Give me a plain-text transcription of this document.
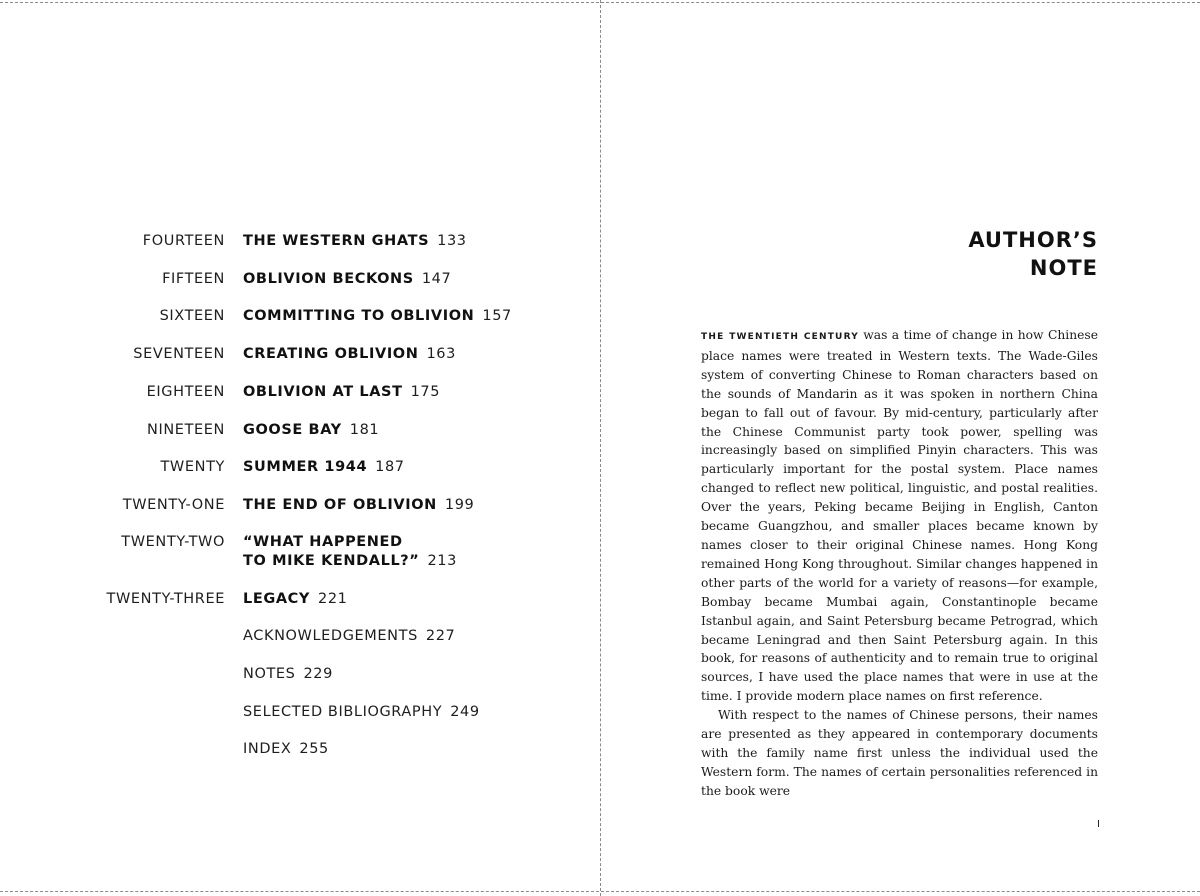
FOURTEEN THE WESTERN GHATS 133
FIFTEEN OBLIVION BECKONS 147
SIXTEEN COMMITTING TO OBLIVION 157
SEVENTEEN CREATING OBLIVION 163
EIGHTEEN OBLIVION AT LAST 175
NINETEEN GOOSE BAY 181
TWENTY SUMMER 1944 187
TWENTY-ONE THE END OF OBLIVION 199
TWENTY-TWO “WHAT HAPPENED
TO MIKE KENDALL?” 213
TWENTY-THREE LEGACY 221
ACKNOWLEDGEMENTS 227
NOTES 229
SELECTED BIBLIOGRAPHY 249
INDEX 255
AUTHOR’S
NOTE

THE TWENTIETH CENTURY was a time of change in how Chinese place names were treated in Western texts. The Wade-Giles system of converting Chinese to Roman characters based on the sounds of Mandarin as it was spoken in northern China began to fall out of favour. By mid-century, particularly after the Chinese Communist party took power, spelling was increasingly based on simplified Pinyin characters. This was particularly important for the postal system. Place names changed to reflect new political, linguistic, and postal realities. Over the years, Peking became Beijing in English, Canton became Guangzhou, and smaller places became known by names closer to their original Chinese names. Hong Kong remained Hong Kong throughout. Similar changes happened in other parts of the world for a variety of reasons—for example, Bombay became Mumbai again, Constantinople became Istanbul again, and Saint Petersburg became Petrograd, which became Leningrad and then Saint Petersburg again. In this book, for reasons of authenticity and to remain true to original sources, I have used the place names that were in use at the time. I provide modern place names on first reference.

With respect to the names of Chinese persons, their names are presented as they appeared in contemporary documents with the family name first unless the individual used the Western form. The names of certain personalities referenced in the book were

I
